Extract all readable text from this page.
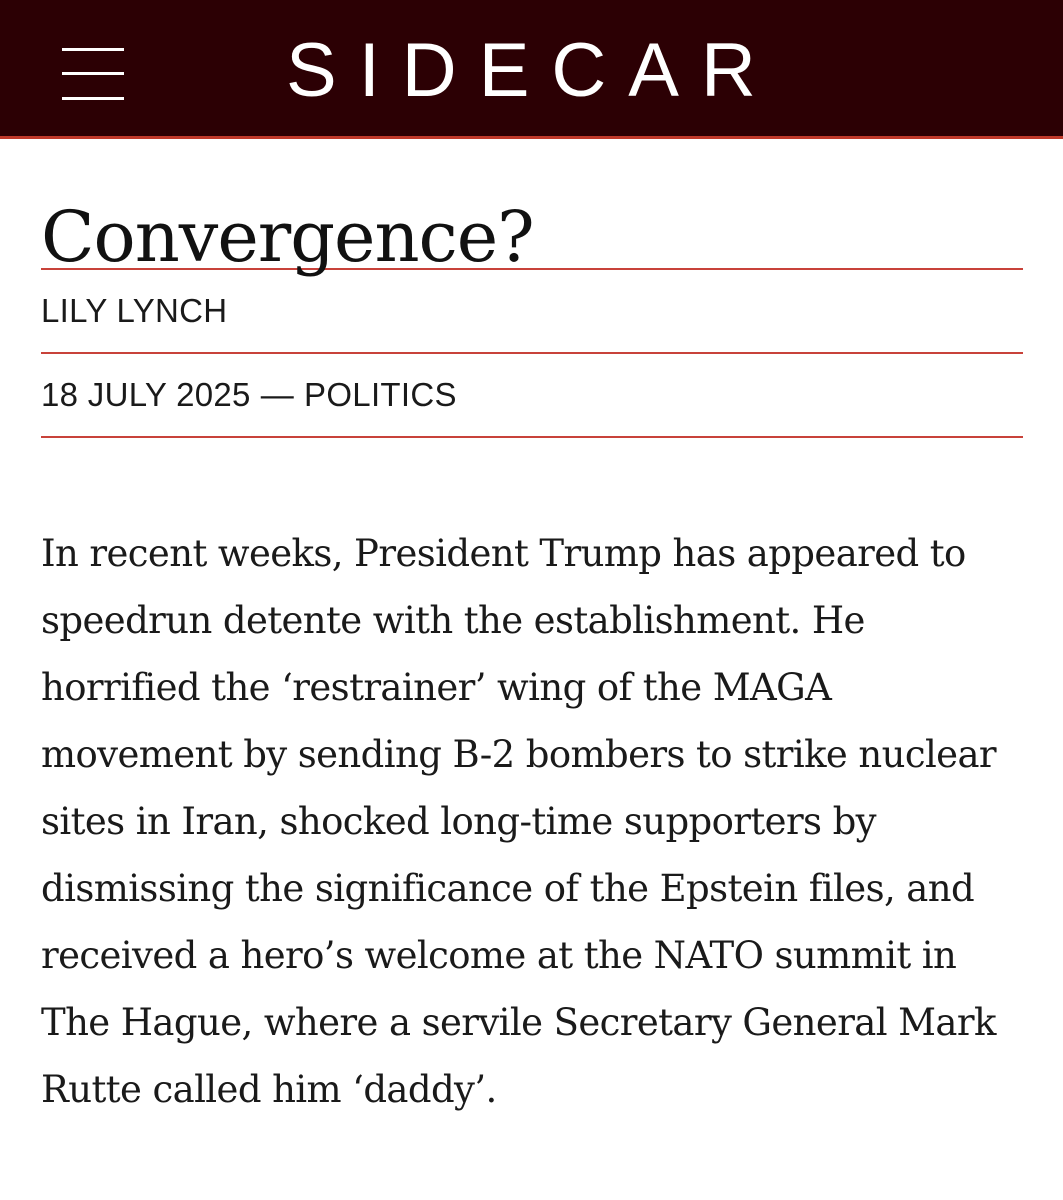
SIDECAR
Convergence?
LILY LYNCH
18 JULY 2025 — POLITICS

In recent weeks, President Trump has appeared to speedrun detente with the establishment. He horrified the ‘restrainer’ wing of the MAGA movement by sending B-2 bombers to strike nuclear sites in Iran, shocked long-time supporters by dismissing the significance of the Epstein files, and received a hero’s welcome at the NATO summit in The Hague, where a servile Secretary General Mark Rutte called him ‘daddy’.
